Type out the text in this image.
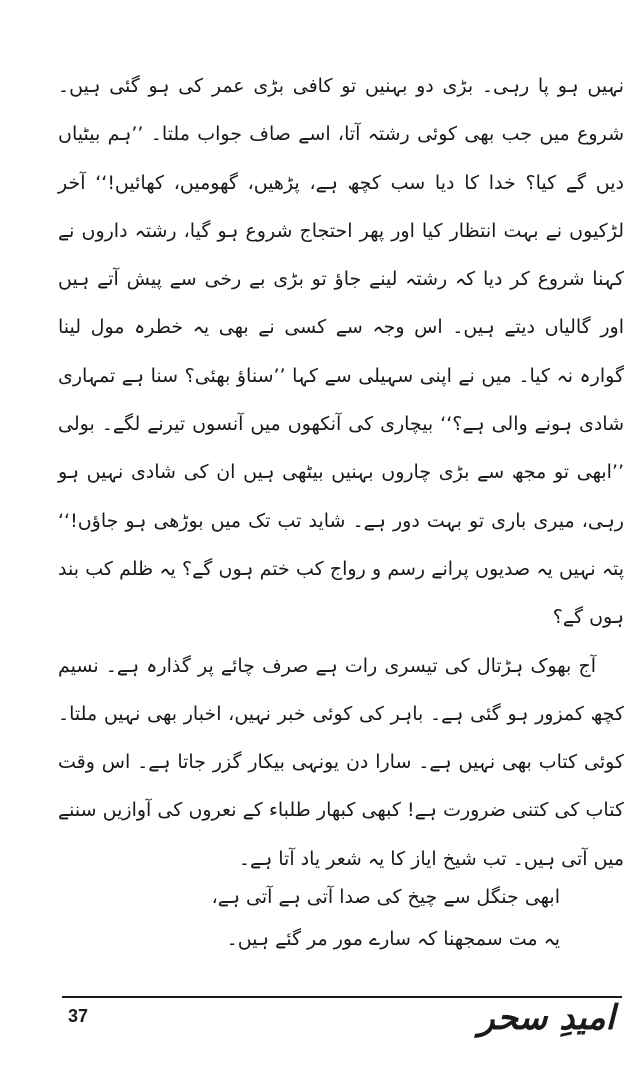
نہیں ہو پا رہی۔ بڑی دو بہنیں تو کافی بڑی عمر کی ہو گئی ہیں۔ شروع میں جب بھی کوئی رشتہ آتا، اسے صاف جواب ملتا۔ ’’ہم بیٹیاں دیں گے کیا؟ خدا کا دیا سب کچھ ہے، پڑھیں، گھومیں، کھائیں!‘‘ آخر لڑکیوں نے بہت انتظار کیا اور پھر احتجاج شروع ہو گیا، رشتہ داروں نے کہنا شروع کر دیا کہ رشتہ لینے جاؤ تو بڑی بے رخی سے پیش آتے ہیں اور گالیاں دیتے ہیں۔ اس وجہ سے کسی نے بھی یہ خطرہ مول لینا گوارہ نہ کیا۔ میں نے اپنی سہیلی سے کہا ’’سناؤ بھئی؟ سنا ہے تمہاری شادی ہونے والی ہے؟‘‘ بیچاری کی آنکھوں میں آنسوں تیرنے لگے۔ بولی ’’ابھی تو مجھ سے بڑی چاروں بہنیں بیٹھی ہیں ان کی شادی نہیں ہو رہی، میری باری تو بہت دور ہے۔ شاید تب تک میں بوڑھی ہو جاؤں!‘‘ پتہ نہیں یہ صدیوں پرانے رسم و رواج کب ختم ہوں گے؟ یہ ظلم کب بند ہوں گے؟

آج بھوک ہڑتال کی تیسری رات ہے صرف چائے پر گذارہ ہے۔ نسیم کچھ کمزور ہو گئی ہے۔ باہر کی کوئی خبر نہیں، اخبار بھی نہیں ملتا۔ کوئی کتاب بھی نہیں ہے۔ سارا دن یونہی بیکار گزر جاتا ہے۔ اس وقت کتاب کی کتنی ضرورت ہے! کبھی کبھار طلباء کے نعروں کی آوازیں سننے میں آتی ہیں۔ تب شیخ ایاز کا یہ شعر یاد آتا ہے۔

ابھی جنگل سے چیخ کی صدا آتی ہے آتی ہے،
یہ مت سمجھنا کہ سارے مور مر گئے ہیں۔
37	امیدِ سحر
